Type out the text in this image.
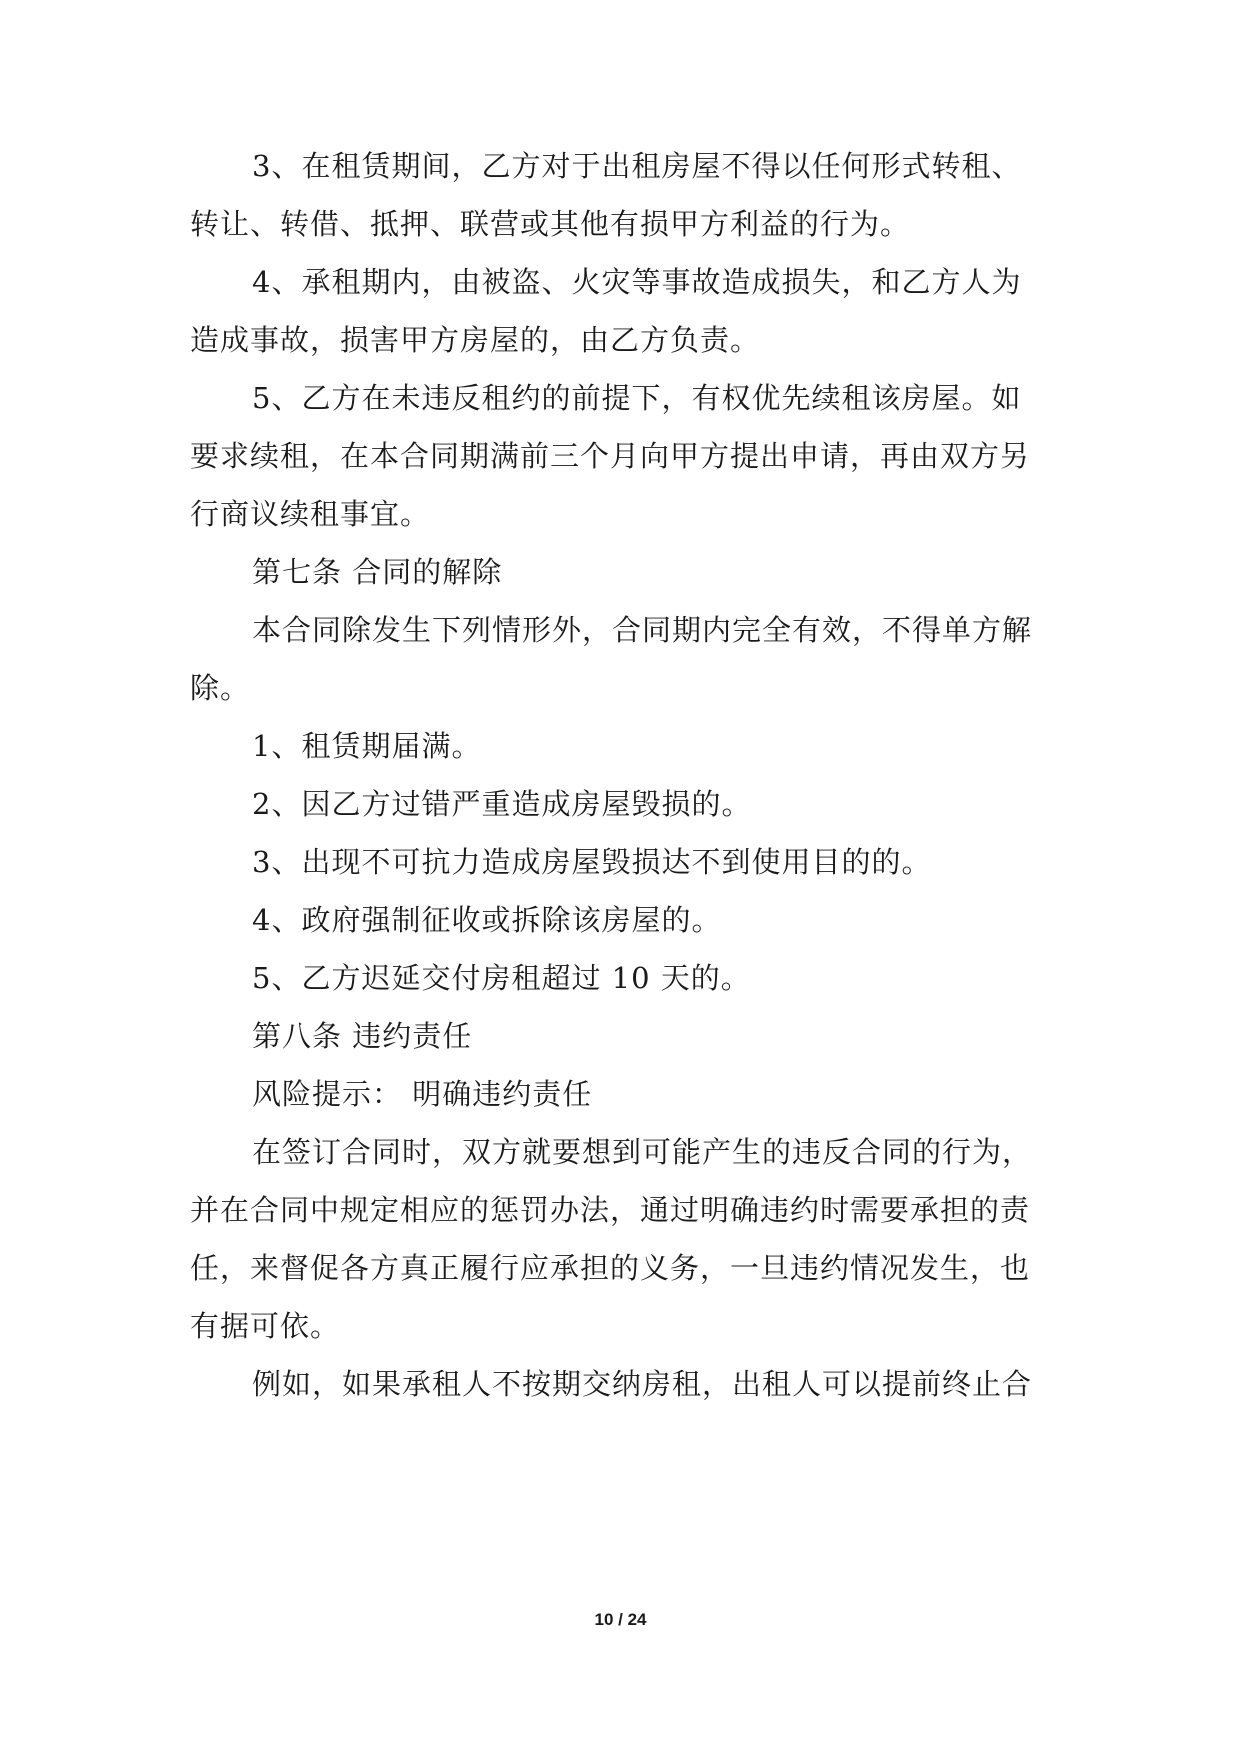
3、在租赁期间，乙方对于出租房屋不得以任何形式转租、
转让、转借、抵押、联营或其他有损甲方利益的行为。
4、承租期内，由被盗、火灾等事故造成损失，和乙方人为
造成事故，损害甲方房屋的，由乙方负责。
5、乙方在未违反租约的前提下，有权优先续租该房屋。如
要求续租，在本合同期满前三个月向甲方提出申请，再由双方另
行商议续租事宜。
第七条 合同的解除
本合同除发生下列情形外，合同期内完全有效，不得单方解
除。
1、租赁期届满。
2、因乙方过错严重造成房屋毁损的。
3、出现不可抗力造成房屋毁损达不到使用目的的。
4、政府强制征收或拆除该房屋的。
5、乙方迟延交付房租超过 10 天的。
第八条 违约责任
风险提示： 明确违约责任
在签订合同时，双方就要想到可能产生的违反合同的行为，
并在合同中规定相应的惩罚办法，通过明确违约时需要承担的责
任，来督促各方真正履行应承担的义务，一旦违约情况发生，也
有据可依。
例如，如果承租人不按期交纳房租，出租人可以提前终止合
10 / 24
